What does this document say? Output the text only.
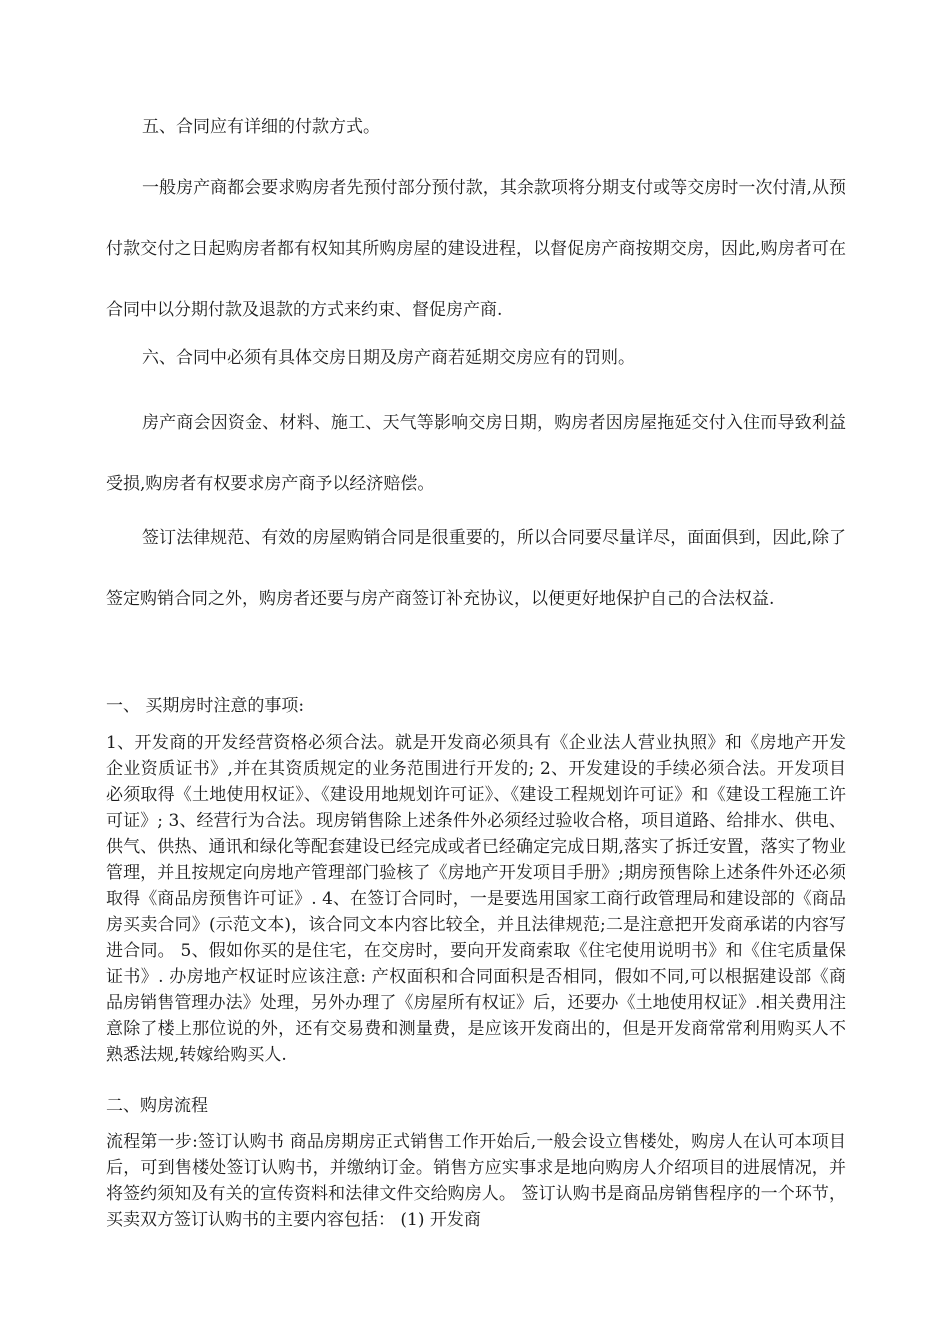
五、合同应有详细的付款方式。

一般房产商都会要求购房者先预付部分预付款，其余款项将分期支付或等交房时一次付清,从预付款交付之日起购房者都有权知其所购房屋的建设进程，以督促房产商按期交房，因此,购房者可在合同中以分期付款及退款的方式来约束、督促房产商.

六、合同中必须有具体交房日期及房产商若延期交房应有的罚则。

房产商会因资金、材料、施工、天气等影响交房日期，购房者因房屋拖延交付入住而导致利益受损,购房者有权要求房产商予以经济赔偿。

签订法律规范、有效的房屋购销合同是很重要的，所以合同要尽量详尽，面面俱到，因此,除了签定购销合同之外，购房者还要与房产商签订补充协议，以便更好地保护自己的合法权益.

一、 买期房时注意的事项:

1、开发商的开发经营资格必须合法。就是开发商必须具有《企业法人营业执照》和《房地产开发企业资质证书》,并在其资质规定的业务范围进行开发的; 2、开发建设的手续必须合法。开发项目必须取得《土地使用权证》、《建设用地规划许可证》、《建设工程规划许可证》和《建设工程施工许可证》; 3、经营行为合法。现房销售除上述条件外必须经过验收合格，项目道路、给排水、供电、供气、供热、通讯和绿化等配套建设已经完成或者已经确定完成日期,落实了拆迁安置，落实了物业管理，并且按规定向房地产管理部门验核了《房地产开发项目手册》;期房预售除上述条件外还必须取得《商品房预售许可证》. 4、在签订合同时，一是要选用国家工商行政管理局和建设部的《商品房买卖合同》(示范文本)，该合同文本内容比较全，并且法律规范;二是注意把开发商承诺的内容写进合同。 5、假如你买的是住宅，在交房时，要向开发商索取《住宅使用说明书》和《住宅质量保证书》. 办房地产权证时应该注意: 产权面积和合同面积是否相同，假如不同,可以根据建设部《商品房销售管理办法》处理，另外办理了《房屋所有权证》后，还要办《土地使用权证》.相关费用注意除了楼上那位说的外，还有交易费和测量费，是应该开发商出的，但是开发商常常利用购买人不熟悉法规,转嫁给购买人.

二、购房流程

流程第一步:签订认购书 商品房期房正式销售工作开始后,一般会设立售楼处，购房人在认可本项目后，可到售楼处签订认购书，并缴纳订金。销售方应实事求是地向购房人介绍项目的进展情况，并将签约须知及有关的宣传资料和法律文件交给购房人。 签订认购书是商品房销售程序的一个环节，买卖双方签订认购书的主要内容包括： (1) 开发商
